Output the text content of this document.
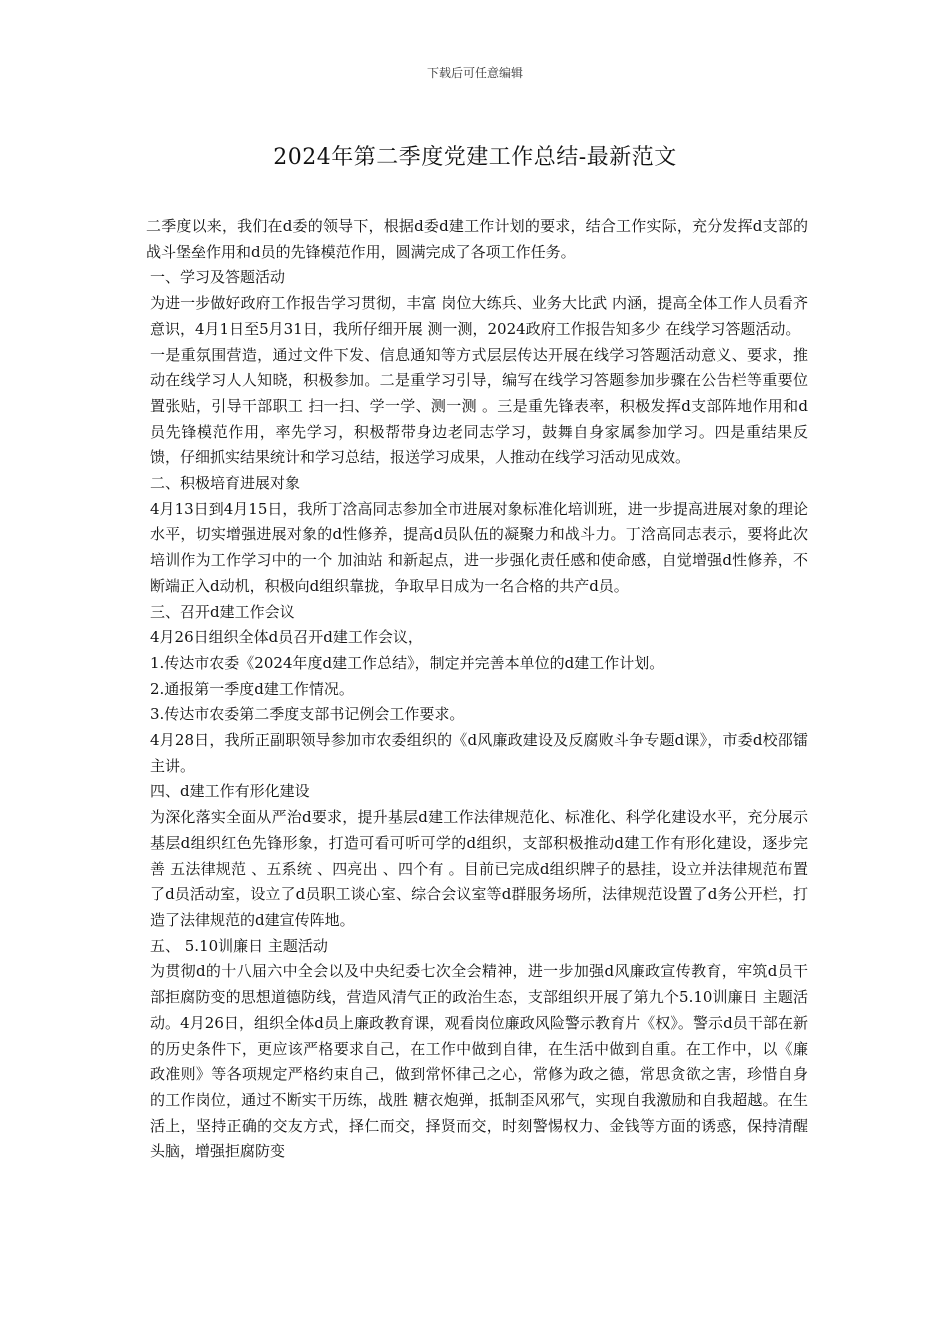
下载后可任意编辑
2024年第二季度党建工作总结-最新范文

二季度以来，我们在d委的领导下，根据d委d建工作计划的要求，结合工作实际，充分发挥d支部的战斗堡垒作用和d员的先锋模范作用，圆满完成了各项工作任务。

一、学习及答题活动

为进一步做好政府工作报告学习贯彻，丰富 岗位大练兵、业务大比武 内涵，提高全体工作人员看齐意识，4月1日至5月31日，我所仔细开展 测一测，2024政府工作报告知多少 在线学习答题活动。

一是重氛围营造，通过文件下发、信息通知等方式层层传达开展在线学习答题活动意义、要求，推动在线学习人人知晓，积极参加。二是重学习引导，编写在线学习答题参加步骤在公告栏等重要位置张贴，引导干部职工 扫一扫、学一学、测一测 。三是重先锋表率，积极发挥d支部阵地作用和d员先锋模范作用，率先学习，积极帮带身边老同志学习，鼓舞自身家属参加学习。四是重结果反馈，仔细抓实结果统计和学习总结，报送学习成果，人推动在线学习活动见成效。

二、积极培育进展对象

4月13日到4月15日，我所丁浛高同志参加全市进展对象标准化培训班，进一步提高进展对象的理论水平，切实增强进展对象的d性修养，提高d员队伍的凝聚力和战斗力。丁浛高同志表示，要将此次培训作为工作学习中的一个 加油站 和新起点，进一步强化责任感和使命感，自觉增强d性修养，不断端正入d动机，积极向d组织靠拢，争取早日成为一名合格的共产d员。

三、召开d建工作会议

4月26日组织全体d员召开d建工作会议，

1.传达市农委《2024年度d建工作总结》，制定并完善本单位的d建工作计划。

2.通报第一季度d建工作情况。

3.传达市农委第二季度支部书记例会工作要求。

4月28日，我所正副职领导参加市农委组织的《d风廉政建设及反腐败斗争专题d课》，市委d校邵镭主讲。

四、d建工作有形化建设

为深化落实全面从严治d要求，提升基层d建工作法律规范化、标准化、科学化建设水平，充分展示基层d组织红色先锋形象，打造可看可听可学的d组织，支部积极推动d建工作有形化建设，逐步完善 五法律规范 、五系统 、四亮出 、四个有 。目前已完成d组织牌子的悬挂，设立并法律规范布置了d员活动室，设立了d员职工谈心室、综合会议室等d群服务场所，法律规范设置了d务公开栏，打造了法律规范的d建宣传阵地。

五、 5.10训廉日 主题活动

为贯彻d的十八届六中全会以及中央纪委七次全会精神，进一步加强d风廉政宣传教育，牢筑d员干部拒腐防变的思想道德防线，营造风清气正的政治生态，支部组织开展了第九个5.10训廉日 主题活动。4月26日，组织全体d员上廉政教育课，观看岗位廉政风险警示教育片《权》。警示d员干部在新的历史条件下，更应该严格要求自己，在工作中做到自律，在生活中做到自重。在工作中，以《廉政准则》等各项规定严格约束自己，做到常怀律己之心，常修为政之德，常思贪欲之害，珍惜自身的工作岗位，通过不断实干历练，战胜 糖衣炮弹，抵制歪风邪气，实现自我激励和自我超越。在生活上，坚持正确的交友方式，择仁而交，择贤而交，时刻警惕权力、金钱等方面的诱惑，保持清醒头脑，增强拒腐防变
